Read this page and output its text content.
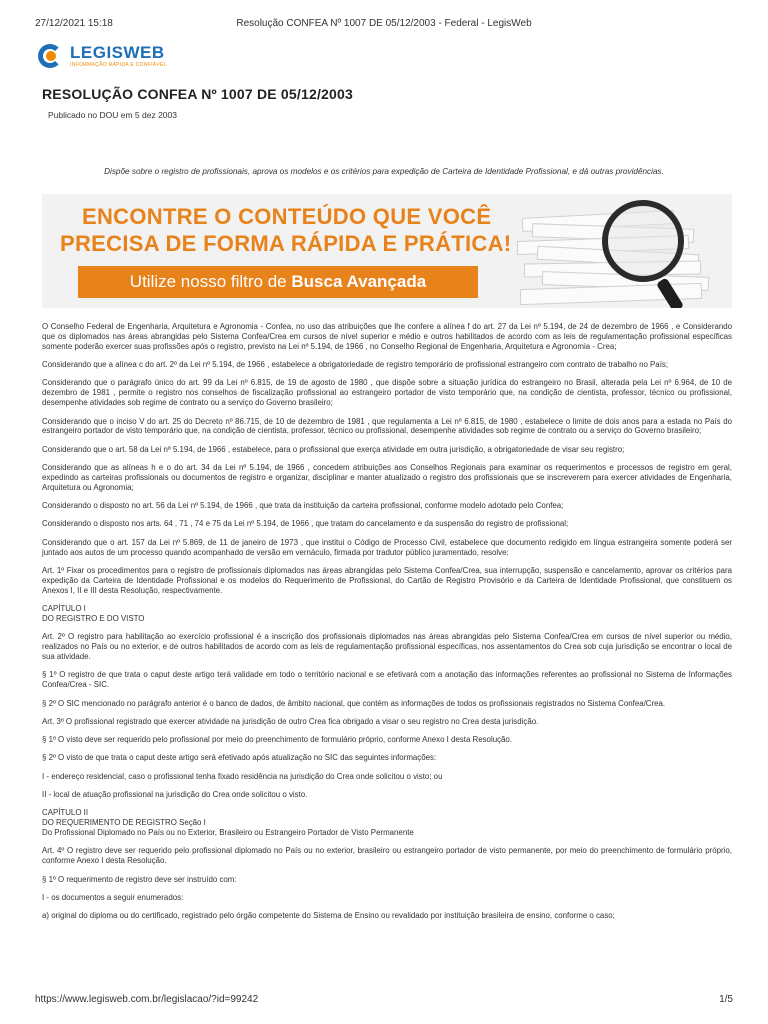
27/12/2021 15:18	Resolução CONFEA Nº 1007 DE 05/12/2003 - Federal - LegisWeb
LEGISWEB
INFORMAÇÃO RÁPIDA E CONFIÁVEL
RESOLUÇÃO CONFEA Nº 1007 DE 05/12/2003
Publicado no DOU em 5 dez 2003
Dispõe sobre o registro de profissionais, aprova os modelos e os critérios para expedição de Carteira de Identidade Profissional, e dá outras providências.
ENCONTRE O CONTEÚDO QUE VOCÊ
PRECISA DE FORMA RÁPIDA E PRÁTICA!
Utilize nosso filtro de Busca Avançada

O Conselho Federal de Engenharia, Arquitetura e Agronomia - Confea, no uso das atribuições que lhe confere a alínea f do art. 27 da Lei nº 5.194, de 24 de dezembro de 1966 , e Considerando que os diplomados nas áreas abrangidas pelo Sistema Confea/Crea em cursos de nível superior e médio e outros habilitados de acordo com as leis de regulamentação profissional específicas somente poderão exercer suas profissões após o registro, previsto na Lei nº 5.194, de 1966 , no Conselho Regional de Engenharia, Arquitetura e Agronomia - Crea;

Considerando que a alínea c do art. 2º da Lei nº 5.194, de 1966 , estabelece a obrigatoriedade de registro temporário de profissional estrangeiro com contrato de trabalho no País;

Considerando que o parágrafo único do art. 99 da Lei nº 6.815, de 19 de agosto de 1980 , que dispõe sobre a situação jurídica do estrangeiro no Brasil, alterada pela Lei nº 6.964, de 10 de dezembro de 1981 , permite o registro nos conselhos de fiscalização profissional ao estrangeiro portador de visto temporário que, na condição de cientista, professor, técnico ou profissional, desempenhe atividades sob regime de contrato ou a serviço do Governo brasileiro;

Considerando que o inciso V do art. 25 do Decreto nº 86.715, de 10 de dezembro de 1981 , que regulamenta a Lei nº 6.815, de 1980 , estabelece o limite de dois anos para a estada no País do estrangeiro portador de visto temporário que, na condição de cientista, professor, técnico ou profissional, desempenhe atividades sob regime de contrato ou a serviço do Governo brasileiro;

Considerando que o art. 58 da Lei nº 5.194, de 1966 , estabelece, para o profissional que exerça atividade em outra jurisdição, a obrigatoriedade de visar seu registro;

Considerando que as alíneas h e o do art. 34 da Lei nº 5.194, de 1966 , concedem atribuições aos Conselhos Regionais para examinar os requerimentos e processos de registro em geral, expedindo as carteiras profissionais ou documentos de registro e organizar, disciplinar e manter atualizado o registro dos profissionais que se inscreverem para exercer atividades de Engenharia, Arquitetura ou Agronomia;

Considerando o disposto no art. 56 da Lei nº 5.194, de 1966 , que trata da instituição da carteira profissional, conforme modelo adotado pelo Confea;

Considerando o disposto nos arts. 64 , 71 , 74 e 75 da Lei nº 5.194, de 1966 , que tratam do cancelamento e da suspensão do registro de profissional;

Considerando que o art. 157 da Lei nº 5.869, de 11 de janeiro de 1973 , que institui o Código de Processo Civil, estabelece que documento redigido em língua estrangeira somente poderá ser juntado aos autos de um processo quando acompanhado de versão em vernáculo, firmada por tradutor público juramentado, resolve:

Art. 1º Fixar os procedimentos para o registro de profissionais diplomados nas áreas abrangidas pelo Sistema Confea/Crea, sua interrupção, suspensão e cancelamento, aprovar os critérios para expedição da Carteira de Identidade Profissional e os modelos do Requerimento de Profissional, do Cartão de Registro Provisório e da Carteira de Identidade Profissional, que constituem os Anexos I, II e III desta Resolução, respectivamente.

CAPÍTULO I

DO REGISTRO E DO VISTO

Art. 2º O registro para habilitação ao exercício profissional é a inscrição dos profissionais diplomados nas áreas abrangidas pelo Sistema Confea/Crea em cursos de nível superior ou médio, realizados no País ou no exterior, e de outros habilitados de acordo com as leis de regulamentação profissional específicas, nos assentamentos do Crea sob cuja jurisdição se encontrar o local de sua atividade.

§ 1º O registro de que trata o caput deste artigo terá validade em todo o território nacional e se efetivará com a anotação das informações referentes ao profissional no Sistema de Informações Confea/Crea - SIC.

§ 2º O SIC mencionado no parágrafo anterior é o banco de dados, de âmbito nacional, que contém as informações de todos os profissionais registrados no Sistema Confea/Crea.

Art. 3º O profissional registrado que exercer atividade na jurisdição de outro Crea fica obrigado a visar o seu registro no Crea desta jurisdição.

§ 1º O visto deve ser requerido pelo profissional por meio do preenchimento de formulário próprio, conforme Anexo I desta Resolução.

§ 2º O visto de que trata o caput deste artigo será efetivado após atualização no SIC das seguintes informações:

I - endereço residencial, caso o profissional tenha fixado residência na jurisdição do Crea onde solicitou o visto; ou

II - local de atuação profissional na jurisdição do Crea onde solicitou o visto.

CAPÍTULO II

DO REQUERIMENTO DE REGISTRO Seção I

Do Profissional Diplomado no País ou no Exterior, Brasileiro ou Estrangeiro Portador de Visto Permanente

Art. 4º O registro deve ser requerido pelo profissional diplomado no País ou no exterior, brasileiro ou estrangeiro portador de visto permanente, por meio do preenchimento de formulário próprio, conforme Anexo I desta Resolução.

§ 1º O requerimento de registro deve ser instruído com:

I - os documentos a seguir enumerados:

a) original do diploma ou do certificado, registrado pelo órgão competente do Sistema de Ensino ou revalidado por instituição brasileira de ensino, conforme o caso;

https://www.legisweb.com.br/legislacao/?id=99242	1/5
